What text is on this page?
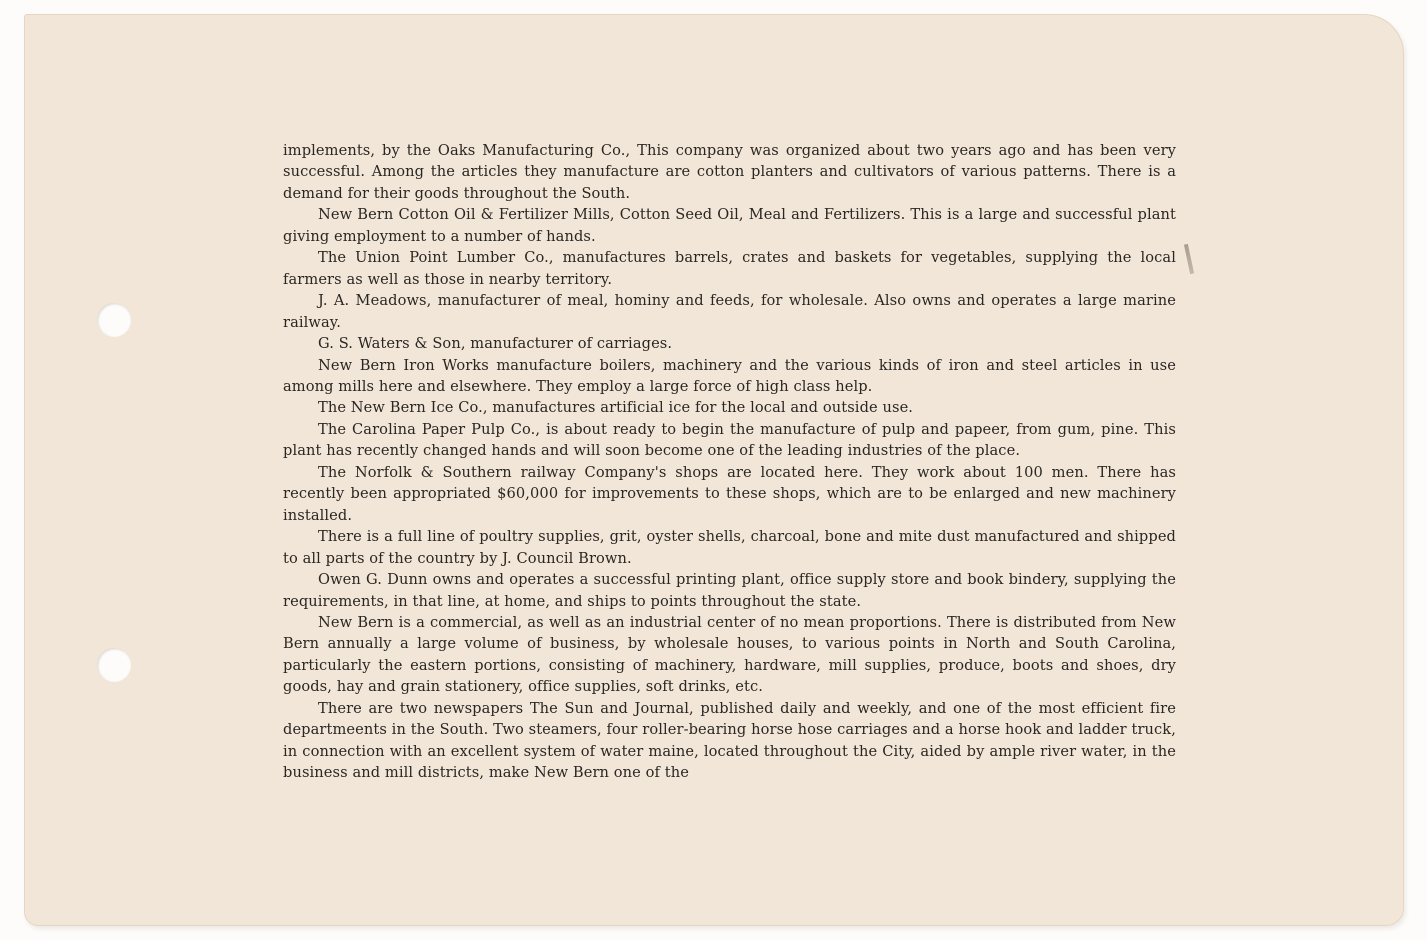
implements, by the Oaks Manufacturing Co., This company was organized about two years ago and has been very successful. Among the articles they manufacture are cotton planters and cultivators of various patterns. There is a demand for their goods throughout the South.

New Bern Cotton Oil & Fertilizer Mills, Cotton Seed Oil, Meal and Fertilizers. This is a large and successful plant giving employment to a number of hands.

The Union Point Lumber Co., manufactures barrels, crates and baskets for vegetables, supplying the local farmers as well as those in nearby territory.

J. A. Meadows, manufacturer of meal, hominy and feeds, for wholesale. Also owns and operates a large marine railway.

G. S. Waters & Son, manufacturer of carriages.

New Bern Iron Works manufacture boilers, machinery and the various kinds of iron and steel articles in use among mills here and elsewhere. They employ a large force of high class help.

The New Bern Ice Co., manufactures artificial ice for the local and outside use.

The Carolina Paper Pulp Co., is about ready to begin the manufacture of pulp and papeer, from gum, pine. This plant has recently changed hands and will soon become one of the leading industries of the place.

The Norfolk & Southern railway Company's shops are located here. They work about 100 men. There has recently been appropriated $60,000 for improvements to these shops, which are to be enlarged and new machinery installed.

There is a full line of poultry supplies, grit, oyster shells, charcoal, bone and mite dust manufactured and shipped to all parts of the country by J. Council Brown.

Owen G. Dunn owns and operates a successful printing plant, office supply store and book bindery, supplying the requirements, in that line, at home, and ships to points throughout the state.

New Bern is a commercial, as well as an industrial center of no mean proportions. There is distributed from New Bern annually a large volume of business, by wholesale houses, to various points in North and South Carolina, particularly the eastern portions, consisting of machinery, hardware, mill supplies, produce, boots and shoes, dry goods, hay and grain stationery, office supplies, soft drinks, etc.

There are two newspapers The Sun and Journal, published daily and weekly, and one of the most efficient fire departmeents in the South. Two steamers, four roller-bearing horse hose carriages and a horse hook and ladder truck, in connection with an excellent system of water maine, located throughout the City, aided by ample river water, in the business and mill districts, make New Bern one of the
